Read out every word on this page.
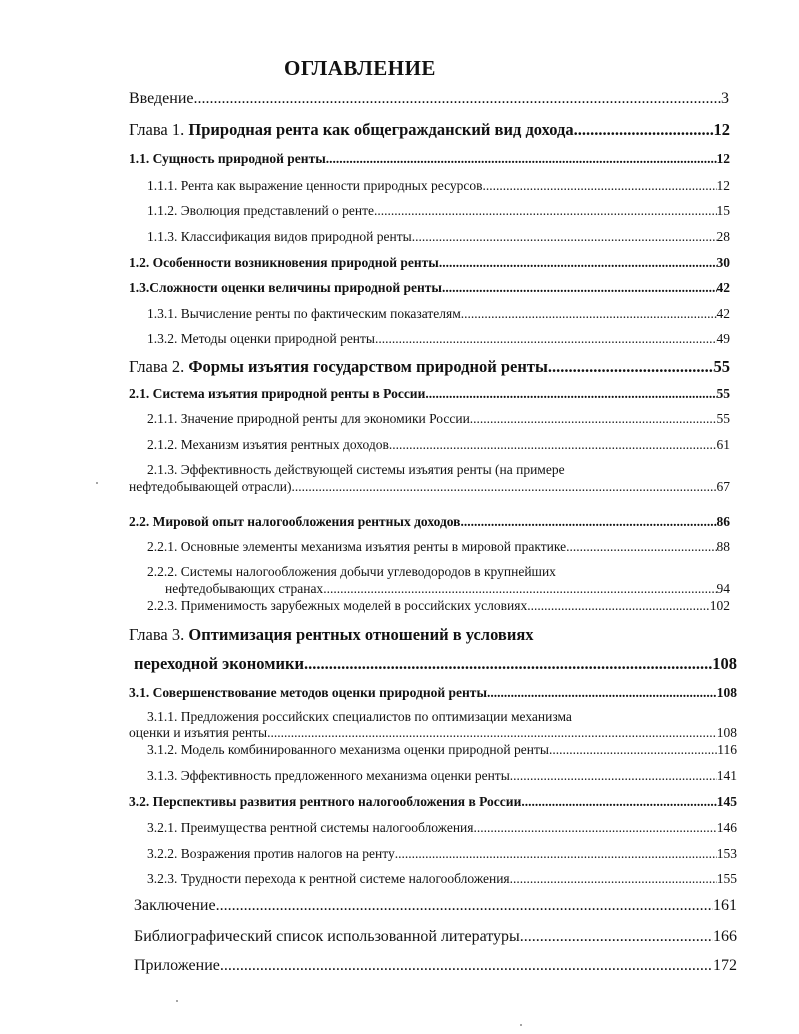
ОГЛАВЛЕНИЕ
Введение .....	3
Глава 1. Природная рента как общегражданский вид дохода .....	12
1.1. Сущность природной ренты .....	12
1.1.1. Рента как выражение ценности природных ресурсов .....	12
1.1.2. Эволюция представлений о ренте .....	15
1.1.3. Классификация видов природной ренты .....	28
1.2. Особенности возникновения природной ренты .....	30
1.3.Сложности оценки величины природной ренты .....	42
1.3.1. Вычисление ренты по фактическим показателям .....	42
1.3.2. Методы оценки природной ренты .....	49
Глава 2. Формы изъятия государством природной ренты .....	55
2.1. Система изъятия природной ренты в России .....	55
2.1.1. Значение природной ренты для экономики России .....	55
2.1.2. Механизм изъятия рентных доходов .....	61
2.1.3. Эффективность действующей системы изъятия ренты (на примере
нефтедобывающей отрасли) .....	67
2.2. Мировой опыт налогообложения рентных доходов .....	86
2.2.1. Основные элементы механизма изъятия ренты в мировой практике .....	88
2.2.2. Системы налогообложения добычи углеводородов в крупнейших
нефтедобывающих странах .....	94
2.2.3. Применимость зарубежных моделей в российских условиях .....	102
Глава 3. Оптимизация рентных отношений в условиях
переходной экономики .....	108
3.1. Совершенствование методов оценки природной ренты .....	108
3.1.1. Предложения российских специалистов по оптимизации механизма
оценки и изъятия ренты .....	108
3.1.2. Модель комбинированного механизма оценки природной ренты .....	116
3.1.3. Эффективность предложенного механизма оценки ренты .....	141
3.2. Перспективы развития рентного налогообложения в России .....	145
3.2.1. Преимущества рентной системы налогообложения .....	146
3.2.2. Возражения против налогов на ренту .....	153
3.2.3. Трудности перехода к рентной системе налогообложения .....	155
Заключение .....	161
Библиографический список использованной литературы .....	166
Приложение .....	172
